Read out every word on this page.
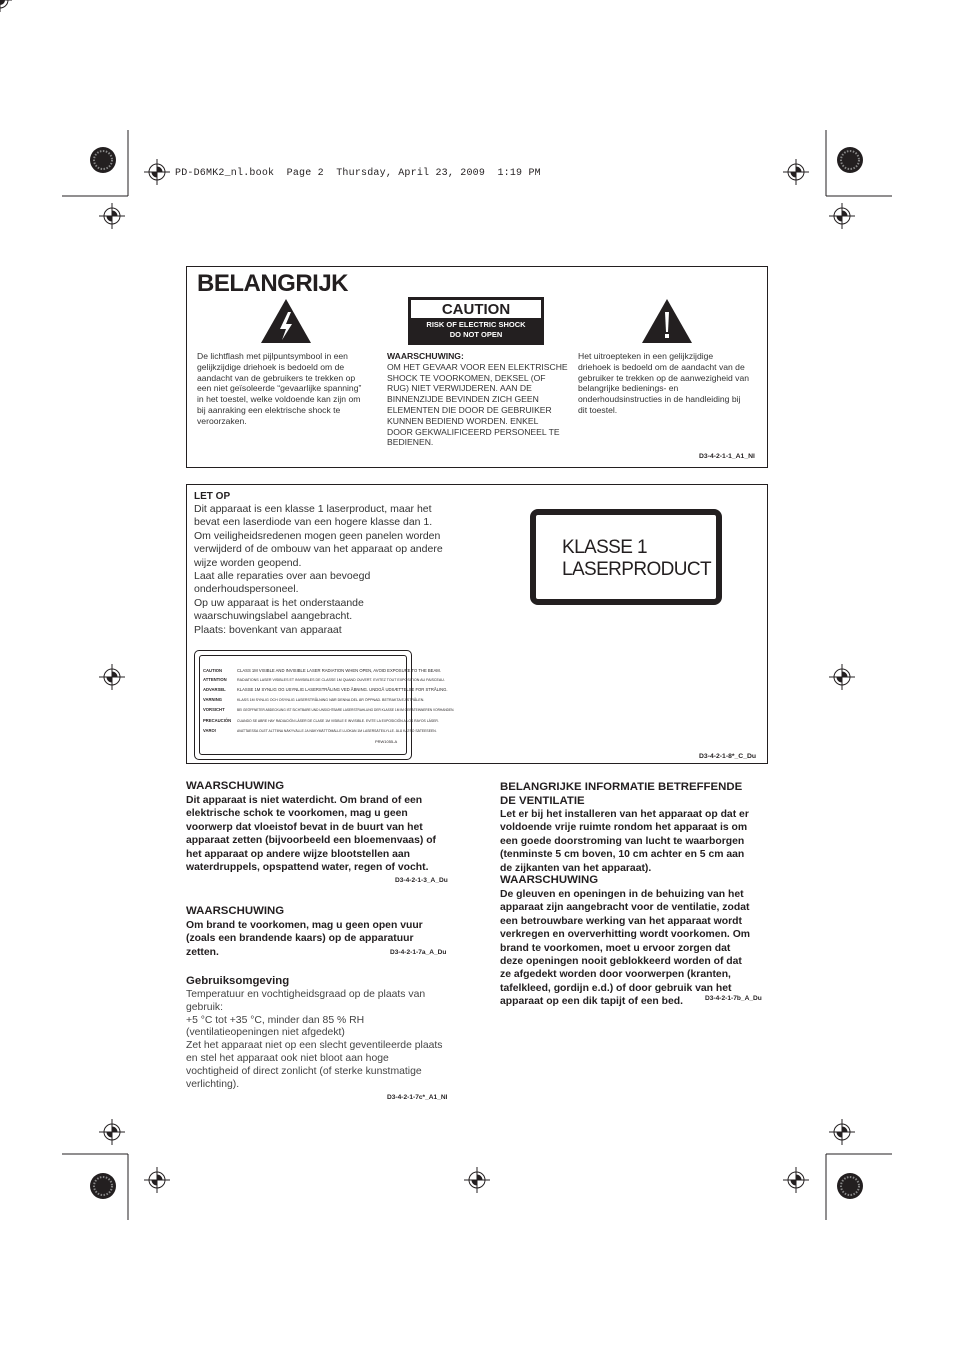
PD-D6MK2_nl.book  Page 2  Thursday, April 23, 2009  1:19 PM
BELANGRIJK
CAUTION
RISK OF ELECTRIC SHOCK
DO NOT OPEN
De lichtflash met pijlpuntsymbool in een
gelijkzijdige driehoek is bedoeld om de
aandacht van de gebruikers te trekken op
een niet geïsoleerde “gevaarlijke spanning”
in het toestel, welke voldoende kan zijn om
bij aanraking een elektrische shock te
veroorzaken.
WAARSCHUWING:
OM HET GEVAAR VOOR EEN ELEKTRISCHE
SHOCK TE VOORKOMEN, DEKSEL (OF
RUG) NIET VERWIJDEREN. AAN DE
BINNENZIJDE BEVINDEN ZICH GEEN
ELEMENTEN DIE DOOR DE GEBRUIKER
KUNNEN BEDIEND WORDEN. ENKEL
DOOR GEKWALIFICEERD PERSONEEL TE
BEDIENEN.
Het uitroepteken in een gelijkzijdige
driehoek is bedoeld om de aandacht van de
gebruiker te trekken op de aanwezigheid van
belangrijke bedienings- en
onderhoudsinstructies in de handleiding bij
dit toestel.
D3-4-2-1-1_A1_Nl
LET OP
Dit apparaat is een klasse 1 laserproduct, maar het
bevat een laserdiode van een hogere klasse dan 1.
Om veiligheidsredenen mogen geen panelen worden
verwijderd of de ombouw van het apparaat op andere
wijze worden geopend.
Laat alle reparaties over aan bevoegd
onderhoudspersoneel.
Op uw apparaat is het onderstaande
waarschuwingslabel aangebracht.
Plaats: bovenkant van apparaat
KLASSE 1
LASERPRODUCT
CAUTION	CLASS 1M VISIBLE AND INVISIBLE LASER RADIATION WHEN OPEN, AVOID EXPOSURE TO THE BEAM.
ATTENTION	RADIATIONS LASER VISIBLES ET INVISIBLES DE CLASSE 1M QUAND OUVERT. EVITEZ TOUT EXPOSITION AU FAISCEAU.
ADVARSEL	KLASSE 1M SYNLIG OG USYNLIG LASERSTRÅLING VED ÅBNING. UNDGÅ UDSÆTTELSE FOR STRÅLING.
VARNING	KLASS 1M SYNLIG OCH OSYNLIG LASERSTRÅLNING NÄR DENNA DEL ÄR ÖPPNAD. BETRAKTA EJ STRÅLEN.
VORSICHT	BEI GEÖFFNETER ABDECKUNG IST SICHTBARE UND UNSICHTBARE LASERSTRAHLUNG DER KLASSE 1M IM GERÄTEINNEREN VORHANDEN.
PRECAUCIÓN CUANDO SE ABRE HAY RADIACIÓN LÁSER DE CLASE 1M VISIBLE E INVISIBLE. EVITE LA EXPOSICIÓN A LOS RAYOS LÁSER.
VARO!	AVATTAESSA OLET ALTTIINA NÄKYVÄLLE JA NÄKYMÄTTÖMÄLLE LUOKAN 1M LASERSÄTEILYLLE. ÄLÄ KATSO SÄTEESEEN.
PRW1055-A
D3-4-2-1-8*_C_Du
WAARSCHUWING
Dit apparaat is niet waterdicht. Om brand of een
elektrische schok te voorkomen, mag u geen
voorwerp dat vloeistof bevat in de buurt van het
apparaat zetten (bijvoorbeeld een bloemenvaas) of
het apparaat op andere wijze blootstellen aan
waterdruppels, opspattend water, regen of vocht.
D3-4-2-1-3_A_Du
WAARSCHUWING
Om brand te voorkomen, mag u geen open vuur
(zoals een brandende kaars) op de apparatuur
zetten.	D3-4-2-1-7a_A_Du
Gebruiksomgeving
Temperatuur en vochtigheidsgraad op de plaats van
gebruik:
+5 °C tot +35 °C, minder dan 85 % RH
(ventilatieopeningen niet afgedekt)
Zet het apparaat niet op een slecht geventileerde plaats
en stel het apparaat ook niet bloot aan hoge
vochtigheid of direct zonlicht (of sterke kunstmatige
verlichting).
D3-4-2-1-7c*_A1_Nl
BELANGRIJKE INFORMATIE BETREFFENDE
DE VENTILATIE
Let er bij het installeren van het apparaat op dat er
voldoende vrije ruimte rondom het apparaat is om
een goede doorstroming van lucht te waarborgen
(tenminste 5 cm boven, 10 cm achter en 5 cm aan
de zijkanten van het apparaat).
WAARSCHUWING
De gleuven en openingen in de behuizing van het
apparaat zijn aangebracht voor de ventilatie, zodat
een betrouwbare werking van het apparaat wordt
verkregen en oververhitting wordt voorkomen. Om
brand te voorkomen, moet u ervoor zorgen dat
deze openingen nooit geblokkeerd worden of dat
ze afgedekt worden door voorwerpen (kranten,
tafelkleed, gordijn e.d.) of door gebruik van het
apparaat op een dik tapijt of een bed.	D3-4-2-1-7b_A_Du
